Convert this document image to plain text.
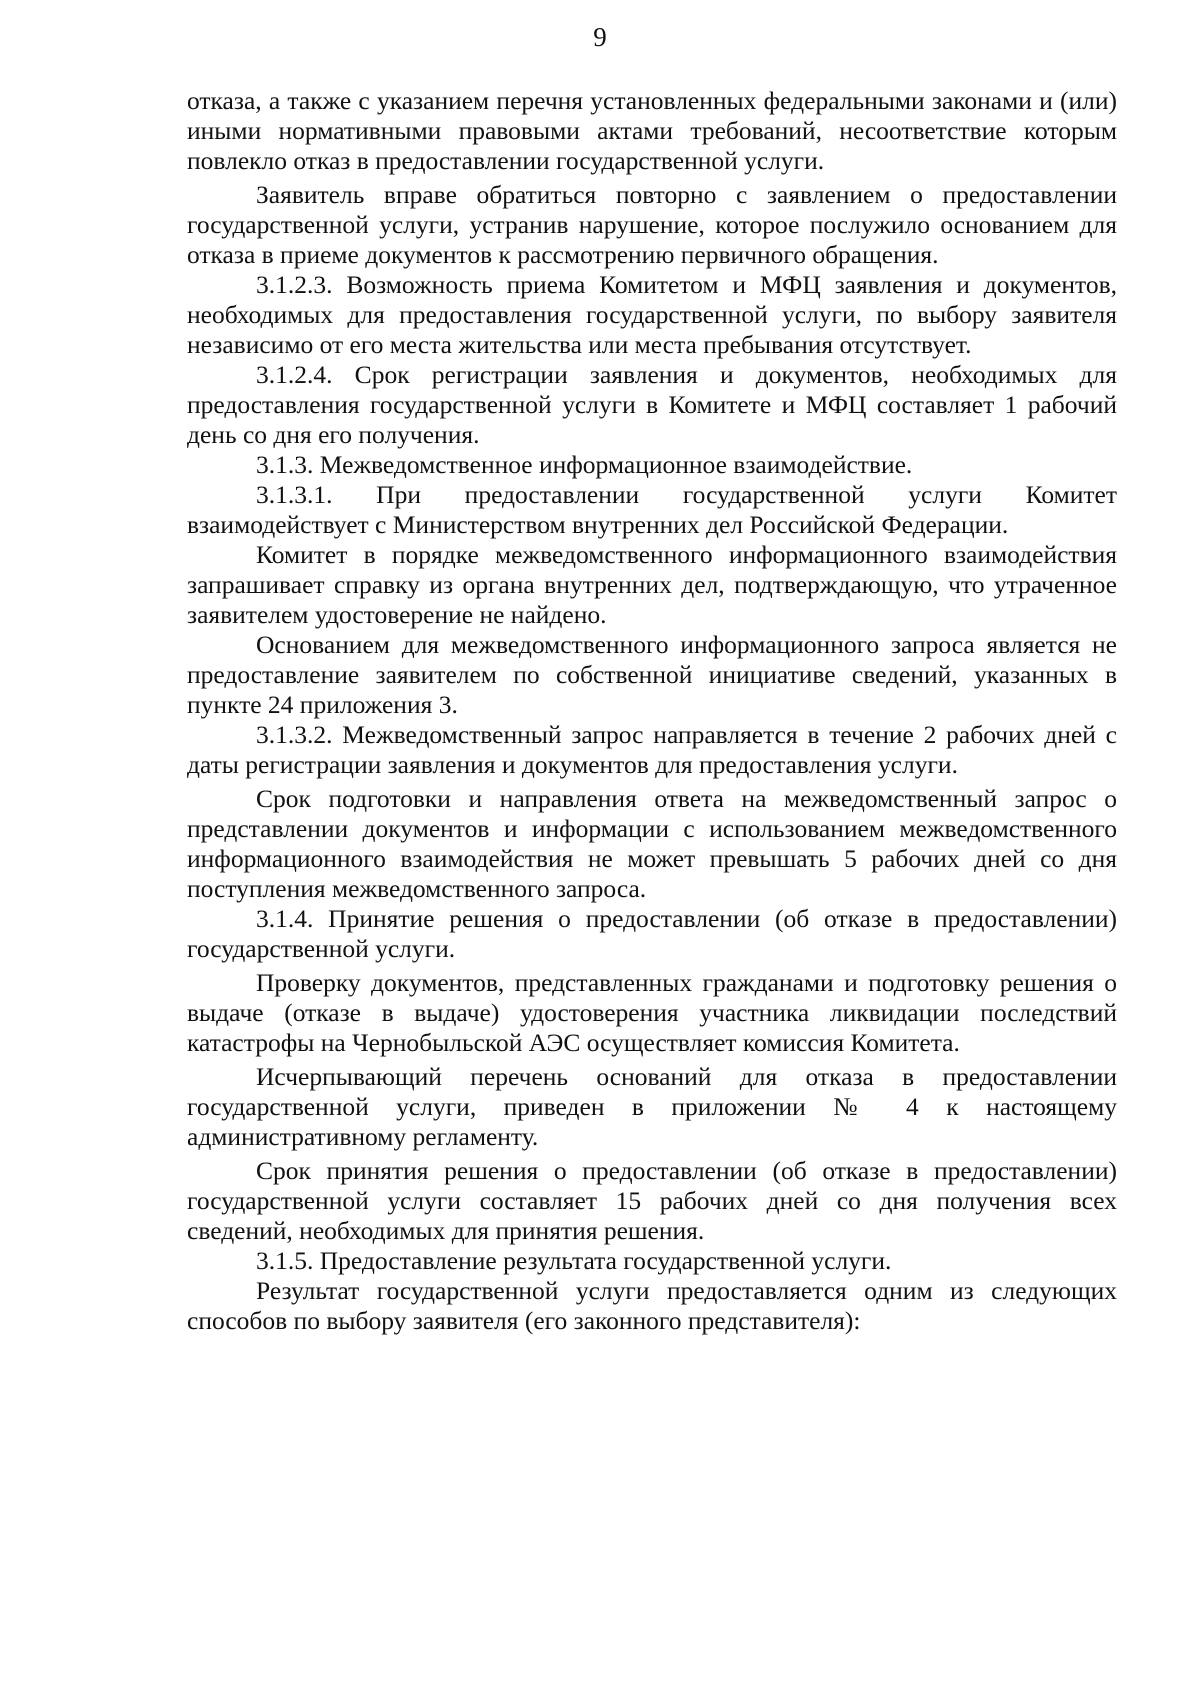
9

отказа, а также с указанием перечня установленных федеральными законами и (или) иными нормативными правовыми актами требований, несоответствие которым повлекло отказ в предоставлении государственной услуги.

Заявитель вправе обратиться повторно с заявлением о предоставлении государственной услуги, устранив нарушение, которое послужило основанием для отказа в приеме документов к рассмотрению первичного обращения.

3.1.2.3. Возможность приема Комитетом и МФЦ заявления и документов, необходимых для предоставления государственной услуги, по выбору заявителя независимо от его места жительства или места пребывания отсутствует.

3.1.2.4. Срок регистрации заявления и документов, необходимых для предоставления государственной услуги в Комитете и МФЦ составляет 1 рабочий день со дня его получения.

3.1.3. Межведомственное информационное взаимодействие.

3.1.3.1. При предоставлении государственной услуги Комитет взаимодействует с Министерством внутренних дел Российской Федерации.

Комитет в порядке межведомственного информационного взаимодействия запрашивает справку из органа внутренних дел, подтверждающую, что утраченное заявителем удостоверение не найдено.

Основанием для межведомственного информационного запроса является не предоставление заявителем по собственной инициативе сведений, указанных в пункте 24 приложения 3.

3.1.3.2. Межведомственный запрос направляется в течение 2 рабочих дней с даты регистрации заявления и документов для предоставления услуги.

Срок подготовки и направления ответа на межведомственный запрос о представлении документов и информации с использованием межведомственного информационного взаимодействия не может превышать 5 рабочих дней со дня поступления межведомственного запроса.

3.1.4. Принятие решения о предоставлении (об отказе в предоставлении) государственной услуги.

Проверку документов, представленных гражданами и подготовку решения о выдаче (отказе в выдаче) удостоверения участника ликвидации последствий катастрофы на Чернобыльской АЭС осуществляет комиссия Комитета.

Исчерпывающий перечень оснований для отказа в предоставлении государственной услуги, приведен в приложении № 4 к настоящему административному регламенту.

Срок принятия решения о предоставлении (об отказе в предоставлении) государственной услуги составляет 15 рабочих дней со дня получения всех сведений, необходимых для принятия решения.

3.1.5. Предоставление результата государственной услуги.

Результат государственной услуги предоставляется одним из следующих способов по выбору заявителя (его законного представителя):
